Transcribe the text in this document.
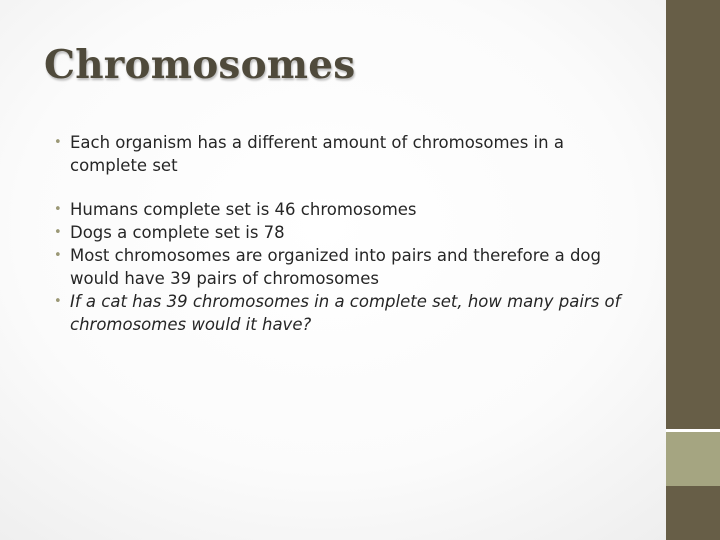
Chromosomes
• Each organism has a different amount of chromosomes in a complete set
• Humans complete set is 46 chromosomes
• Dogs a complete set is 78
• Most chromosomes are organized into pairs and therefore a dog would have 39 pairs of chromosomes
• If a cat has 39 chromosomes in a complete set, how many pairs of chromosomes would it have?
